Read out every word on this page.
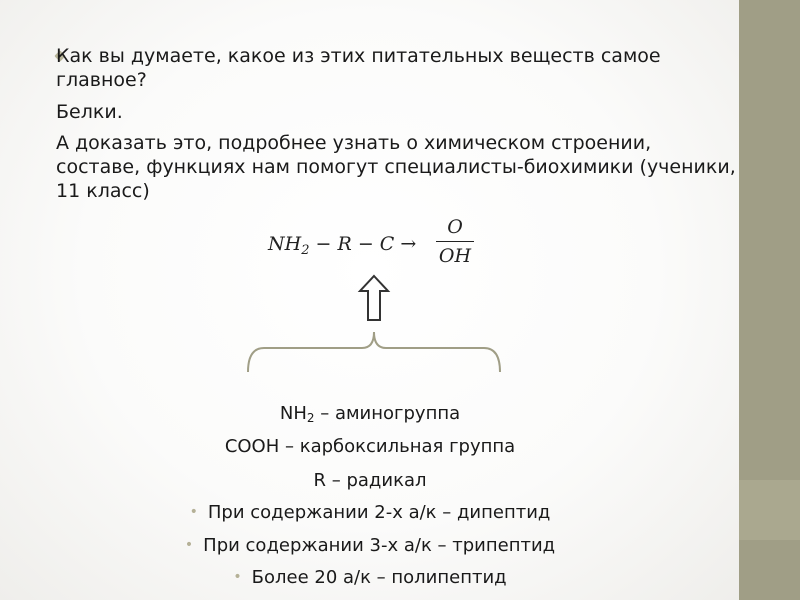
Как вы думаете, какое из этих питательных веществ самое главное?

Белки.

А доказать это, подробнее узнать о химическом строении, составе, функциях нам помогут специалисты-биохимики (ученики, 11 класс)

$NH_2 - R - C$ →
O
OH

$NH_2$ – аминогруппа

COOH – карбоксильная группа

R – радикал

• При содержании 2-х а/к – дипептид

• При содержании 3-х а/к – трипептид

• Более 20 а/к – полипептид
